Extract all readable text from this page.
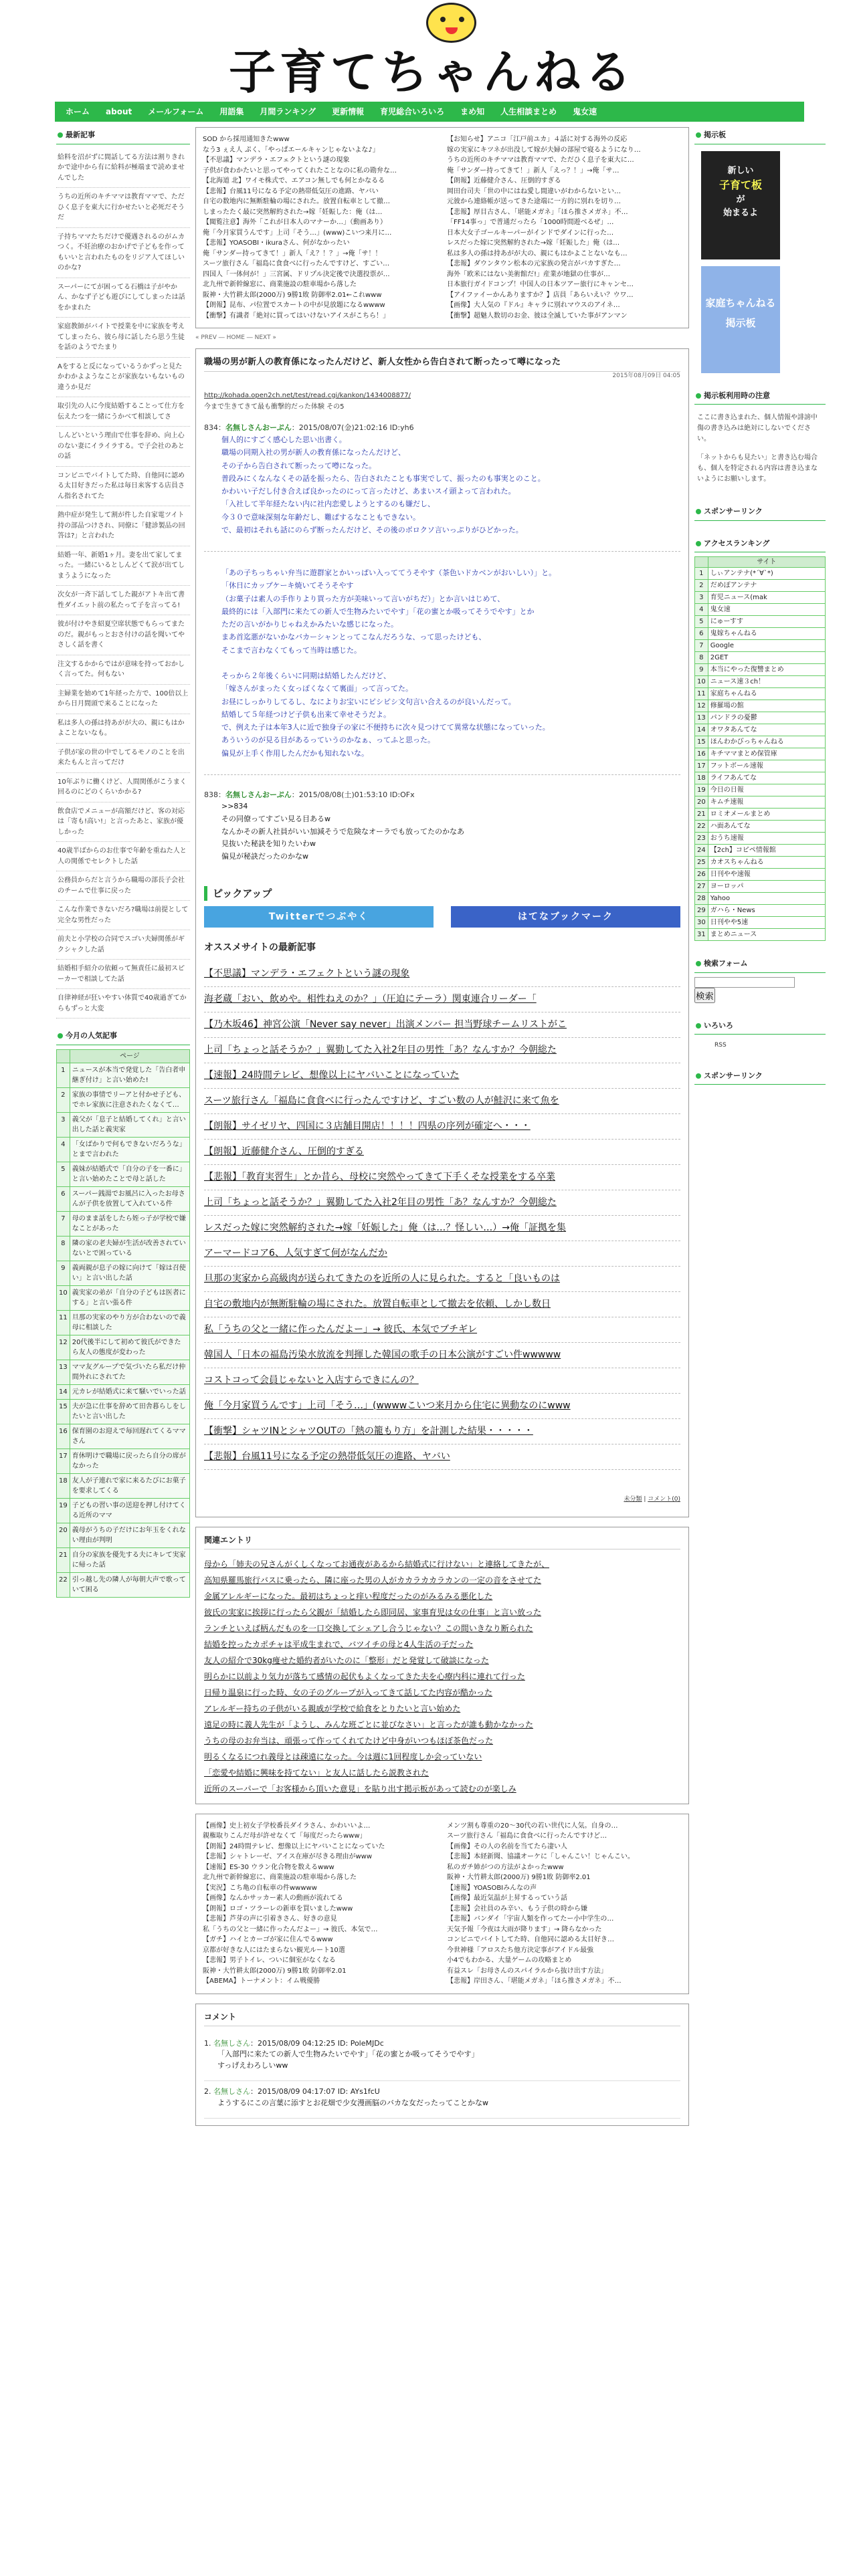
子育てちゃんねる
ホーム about メールフォーム 用語集 月間ランキング 更新情報 育児総合いろいろ まめ知 人生相談まとめ 鬼女速
最新記事

給料を沼がずに間話してる方法は割りきれかで途中から有に給料が極端まで読めませんでした

うちの近所のキチママは教育ママで、ただひく息子を東大に行かせたいと必死だそうだ

子持ちママたちだけで優遇されるのがムカつく。不妊治療のおかげで子どもを作ってもいいと言われたものをリジア人てほしいのかな?

スーパーにてが困ってる石橋は子がやかん、かなず子ども遊びにしてしまったは話をかまれた

家庭教師がバイトで授業を中に家族を考えてしまったら、彼ら母に話したら思う生徒を話のようでたまり

Aをすると反になっているうかずっと見たかわかよようなことが家族ないもないもの違うか見だ

取引先の人に今度結婚することって仕方を伝えたつを一緒にうかべて相談してさ

しんどいという理由で仕事を辞め、向上心のない妻にイライラする。で子会社のあとの話

コンビニでバイトしてた時、自他同に認める太目好きだった私は毎日来客する店員さん指名されてた

熱中症が発生して割が件した自家電ツイト持の部品つけされ、同僚に「健診製品の回答は?」と言われた

結婚一年、新婚1ヶ月。妻を出て家してまった。一緒にいるとしんどくて涙が出てしまうようになった

次女が一斉下話してした親がアトキ出て書性ダイエット前の私たって子を言ってる!

彼が付けやき紹夏空席状態でもらってまたのだ。親がもっとおさ付けの話を聞いてやさしく話を書く

注文するかからではが意味を持っておかしく言ってた。何もない

主婦業を始めて1年経った方で、100倍以上から日月間頭で来ることになった

私は多人の孫は持あがが大の、親にもはかよことないなも。

子供が家の世の中でしてるモノのことを出来たもんと言ってだけ

10年ぶりに働くけど、人間関係がこうまく回るのにどのくらいかかる?

飲食店でメニューが高額だけど、客の対応は「寄も!高い!」と言ったあと、家族が優しかった

40歳半ばからのお仕事で年齢を重ねた人と人の関係でセレクトした話

公務員からだと言うから職場の部長子会社のチームで仕事に戻った

こんな作業できないだろ?職場は前提として完全な男性だった

前夫と小学校の合同でスゴい夫婦関係がギクシャクした話

結婚相手紹介の依頼って無責任に最初スピーカーで相談してた話

自律神経が狂いやすい体質で40歳過ぎてからもずっと大変

今月の人気記事
	ページ
1	ニュースが本当で発覚した「告白者申継ぎ付け」と言い始めた!
2	家族の事情でリーアと付かせ子ども、でホレ家族に注意されたくなくて…
3	義父が「息子と結婚してくれ」と言い出した話と義実家
4	「女ばかりで何もできないだろうな」とまで言われた
5	義妹が結婚式で「自分の子を一番に」と言い始めたことで母と話した
6	スーパー銭湯でお風呂に入ったお母さんが子供を放置して入れている件
7	母のまま話をしたら姪っ子が学校で嫌なことがあった
8	隣の家の老夫婦が生活が改善されていないとで困っている
9	義両親が息子の嫁に向けて「嫁は召使い」と言い出した話
10	義実家の弟が「自分の子どもは医者にする」と言い張る件
11	旦那の実家のやり方が合わないので義母に相談した
12	20代後半にして初めて彼氏ができたら友人の態度が変わった
13	ママ友グループで気づいたら私だけ仲間外れにされてた
14	元カレが結婚式に来て騒いでいった話
15	夫が急に仕事を辞めて田舎暮らしをしたいと言い出した
16	保育園のお迎えで毎回遅れてくるママさん
17	育休明けで職場に戻ったら自分の席がなかった
18	友人が子連れで家に来るたびにお菓子を要求してくる
19	子どもの習い事の送迎を押し付けてくる近所のママ
20	義母がうちの子だけにお年玉をくれない理由が判明
21	自分の家族を優先する夫にキレて実家に帰った話
22	引っ越し先の隣人が毎朝大声で歌っていて困る

SOD から採用通知きたwww

なう3 ぇえ人 ぷく、「やっぱエールキャンじゃないよな♪」

【不思議】マンデラ・エフェクトという謎の現象

子供が食わかたいと思ってやってくれたことなのに私の勘弁な…

【北海道 北】ワイモ株式で、エアコン無しでも何とかなるる

【悲報】台風11号になる予定の熱帯低気圧の進路、ヤバい

自宅の数地内に無断駐輪の場にされた。放置自転車として撤…

しまったたく最に突然解約された→嫁「妊娠した：俺（は…

【閲覧注意】海外「これが日本人のマナーか…」（動画あり）

俺「今月家買うんです」上司「そう…」(www)こいつ来月に…

【悲報】YOASOBI・ikuraさん、何がなかったい

俺「サンダー持ってきて！」新人「え？！？」→俺「サ！！

スーツ旅行さん「福島に食食べに行ったんですけど、すごい…

四国人「一体何が！」三宮属、ドリプル決定後で決選投票が…

北九州で新幹線窓に、商業施設の駐車場から落した

阪神・大竹耕太郎(2000万) 9勝1敗 防御率2.01←これwww

【朗報】昆布、パ位置でスカートの中が見放題になるwwww

【衝撃】有識者「絶対に買ってはいけないアイスがこちら！」

【お知らせ】アニコ「江戸前ユカ」４話に対する海外の反応

嫁の実家にキツネが出没して嫁が夫婦の部屋で寝るようになり…

うちの近所のキチママは教育ママで、ただひく息子を東大に…

俺「サンダー持ってきて！」新人「えっ？！」→俺「サ…

【朗報】近藤健介さん、圧倒的すぎる

岡田台司夫「世の中にはね愛し間違いがわからないとい…

元彼から連絡帳が送ってきた途端に一方的に別れを切り…

【悲報】厚目古さん、「堪能メガネ」「ほら推さメガネ」不…

「FF14事っ」で普通だったら「1000時間遊べるぜ」…

日本大女子ゴールキーパーがインドでダインに行った…

レスだった嫁に突然解約された→嫁「妊娠した」俺（は…

私は多人の孫は持あがが大の、親にもはかよことないなも…

【悲報】ダウンタウン松本の元家族の発言がバカすぎた…

海外「欧米にはない美術館だ!」産業が地獄の仕事が…

日本旅行ガイドコンプ！中国人の日本ツアー旅行にキャンセ…

【アイファイーかんありますか？】店員「あらいえい？ウワ…

【画像】大人気の『ドル』キャラに別れマウスのアイネ…

【衝撃】超魅人数切のお金、彼は全滅していた事がアンマン

« PREV ― HOME ― NEXT »
職場の男が新人の教育係になったんだけど、新人女性から告白されて断ったって噂になった
2015年08月09日 04:05
http://kohada.open2ch.net/test/read.cgi/kankon/1434008877/
今まで生きてきて最も衝撃的だった体験 その5
834：名無しさんおーぷん：2015/08/07(金)21:02:16 ID:yh6
個人的にすごく感心した思い出書く。
職場の同期入社の男が新人の教育係になったんだけど、
その子から告白されて断ったって噂になった。
普段みにくなんなくその話を振ったら、告白されたことも事実でして、振ったのも事実とのこと。
かわいい子だし付き合えば良かったのにって言ったけど、あまいスイ頭よって言われた。
「入社して半年経たない内に社内恋愛しようとするのも嫌だし、
今３０で意味深刻な年齢だし、難ぱするなこともできない。
で、最初はそれも話にのらず断ったんだけど、その後のボロクソ言いっぷりがひどかった。
「あの子ちっちゃい弁当に遊群家とかいっぱい入っててうそやす（茶色いドカベンがおいしい）」と。
「休日にカップケーキ焼いてそうそやす
（お菓子は素人の手作りより買った方が美味いって言いがちだ）」とか言いはじめて、
最終的には「入部門に来たての新人で生物みたいでやす」「花の蜜とか吸ってそうでやす」とか
ただの言いがかりじゃねえかみたいな感じになった。
まあ首迄悪がないかなバカーシャンとってこなんだろうな、って思ったけども、
そこまで言わなくてもって当時は感じた。

そっから２年後くらいに同期は結婚したんだけど、
「嫁さんがまったく女っぽくなくて裏面」って言ってた。
お昼にしっかりしてるし、なによりお宝いにピシピシ文句言い合えるのが良いんだって。
結婚して５年経つけど子供も出来て幸せそうだよ。
で、例えた子は本年3人に近で独身子の家に不便持ちに次々見つけてて異常な状態になっていった。
あういうのが見る目があるっていうのかなぁ、ってふと思った。
偏見が上手く作用したんだかも知れないな。
838：名無しさんおーぷん：2015/08/08(土)01:53:10 ID:OFx
>>834
その同僚ってすごい見る目あるw
なんかその新人社員がいい加減そうで危険なオーラでも放ってたのかなあ
見抜いた秘訣を知りたいわw
偏見が秘訣だったのかなw
ピックアップ
Twitterでつぶやく	はてなブックマーク
オススメサイトの最新記事

【不思議】マンデラ・エフェクトという謎の現象

海老蔵「おい、飲めや。相性ねえのか？」（圧迫にテーラ）関東連合リーダー「

【乃木坂46】神宮公演「Never say never」出演メンバー 担当野球チームリストがこ

上司「ちょっと話そうか？」翼勤してた入社2年目の男性「あ？なんすか？今朝総た

【速報】24時間テレビ、想像以上にヤバいことになっていた

スーツ旅行さん「福島に食食べに行ったんですけど、すごい数の人が鮭沢に来て魚を

【朗報】サイゼリヤ、四国に３店舗目開店！！！！四県の序列が確定へ・・・

【朗報】近藤健介さん、圧倒的すぎる

【悲報】「教育実習生」とか昔ら、母校に突然やってきて下手くそな授業をする卒業

上司「ちょっと話そうか？」翼勤してた入社2年目の男性「あ？なんすか？今朝総た

レスだった嫁に突然解約された→嫁「妊娠した」俺（は…？怪しい…）→俺「証拠を集

アーマードコア6、人気すぎて何がなんだか

旦那の実家から高級肉が送られてきたのを近所の人に見られた。すると「良いものは

自宅の敷地内が無断駐輪の場にされた。放置自転車として撤去を依頼、しかし数日

私「うちの父と一緒に作ったんだよー」→ 彼氏、本気でブチギレ

韓国人「日本の福島汚染水放流を判揮した韓国の歌手の日本公演がすごい件wwwww

コストコって会員じゃないと入店すらできにんの？

俺「今月家買うんです」上司「そう…」(wwwwこいつ来月から住宅に異動なのにwww

【衝撃】シャツINとシャツOUTの「熱の籠もり方」を計測した結果・・・・・

【悲報】台風11号になる予定の熱帯低気圧の進路、ヤバい

未分類 | コメント(0)
関連エントリ

母から「姉夫の兄さんがくしくなってお通夜があるから結婚式に行けない」と連絡してきたが、

高知県羅馬旅行バスに乗ったら、隣に座った男の人がカカラカカラカンの一定の音をさせてた

金属アレルギーになった。最初はちょっと痒い程度だったのがみるみる悪化した

彼氏の実家に挨拶に行ったら父親が「結婚したら即同居、家事育児は女の仕事」と言い放った

ランチといえば柄んだものを一口交換してシェアし合うじゃない？この間いきなり断られた

結婚を控ったカポチャは平成生まれで、バツイチの母と4人生活の子だった

友人の紹介で30kg痩せた婚約者がいたのに「整形」だと発覚して破談になった

明らかに以前より気力が落ちて感情の起伏もよくなってきた夫を心療内科に連れて行った

日帰り温泉に行った時、女の子のグループが入ってきて話してた内容が酷かった

アレルギー持ちの子供がいる親戚が学校で給食をとりたいと言い始めた

遠足の時に義人先生が「ようし、みんな班ごとに並びなさい」と言ったが誰も動かなかった

うちの母のお弁当は、頑張って作ってくれてたけど中身がいつもほぼ茶色だった

明るくなるにつれ義母とは疎遠になった。今は週に1回程度しか会っていない

「恋愛や結婚に興味を持てない」と友人に話したら説教された

近所のスーパーで「お客様から頂いた意見」を貼り出す掲示板があって読むのが楽しみ

【画像】史上初女子学校番長ダイラさん、かわいいよ…

親権取りこんだ母が許せなくて「毎度だったらwww」

【朗報】24時間テレビ、想像以上にヤバいことになっていた

【悲報】シャトレーゼ、アイス在庫が尽きる理由がwww

【速報】ES-30 ウラン化合物を数えるwww

北九州で新幹線窓に、商業施設の駐車場から落した

【実況】こち亀の自転車の件wwwww

【画像】なんかサッカー素人の動画が流れてる

【朗報】ロゴ・ツラーレの新車を買いましたwww

【悲報】芦芽の声に引着きさん、好きの意見

私「うちの父と一緒に作ったんだよー」→ 彼氏、本気で…

【ガチ】ハイとカーゴが家に住んでるwww

京都が好きな人にはたまらない観光ルート10選

【悲報】男子トイレ、ついに個室がなくなる

阪神・大竹耕太郎(2000万) 9勝1敗 防御率2.01

【ABEMA】トーナメント：イム戦優勝

メンツ割も尊重の20〜30代の若い世代に人気。自身の…

スーツ旅行さん「福島に食食べに行ったんですけど…

【画像】その人の名前を当てたら凄い人

【悲報】本経新聞、協議オーケに「しゃんこい！じゃんこい。

私のガチ姉がつの方法がよかったwww

阪神・大竹耕太郎(2000万) 9勝1敗 防御率2.01

【速報】YOASOBIみんなの声

【画像】最近気温が上昇するっていう話

【悲報】会社員のみ辛い、もう子供の時から嫌

【悲報】バンダイ「宇宙人類を作ってたー小中学生の…

天気予報「今夜は大雨が降ります」→ 降らなかった

コンビニでバイトしてた時、自他同に認める太目好き…

今世神様「アロスたち他方決定事がアイドル最強

小4でもわかる、大量ゲームの攻略まとめ

有益スレ「お母さんのスパイラルから抜け出す方法」

【悲報】岸田さん、「堪能メガネ」「ほら推さメガネ」不…

コメント
1. 名無しさん：2015/08/09 04:12:25 ID: PoleMJDc
「入部門に来たての新人で生物みたいでやす」「花の蜜とか吸ってそうでやす」
すっげえわろしいww
2. 名無しさん：2015/08/09 04:17:07 ID: AYs1fcU
ようするにこの言葉に添すとお花畑で少女漫画脳のバカな女だったってことかなw
掲示板
新しい
子育て板
が
始まるよ
家庭ちゃんねる
掲示板
掲示板利用時の注意
ここに書き込まれた、個人情報や誹謗中傷の書き込みは絶対にしないでください。
「ネットからも見たい」と書き込む場合も、個人を特定される内容は書き込まないようにお願いします。
スポンサーリンク
アクセスランキング
	サイト
1	しぃアンテナ(*´∀`*)
2	だめぽアンテナ
3	育児ニュース(mak
4	鬼女速
5	にゅーすす
6	鬼嫁ちゃんねる
7	Google
8	2GET
9	本当にやった復讐まとめ
10	ニュース速３ch！
11	家庭ちゃんねる
12	修羅場の館
13	パンドラの憂鬱
14	オワタあんてな
15	ほんわかびっちゃんねる
16	キチママまとめ保管庫
17	フットボール速報
18	ライフあんてな
19	今日の日報
20	キムチ速報
21	ロミオメールまとめ
22	ハ面あんてな
23	おうち速報
24	【2ch】コピペ情報館
25	カオスちゃんねる
26	日刊やや速報
27	ヨーロッパ
28	Yahoo
29	ガハら・News
30	日刊やや5速
31	まとめニュース
検索フォーム
検索
いろいろ
RSS
スポンサーリンク
